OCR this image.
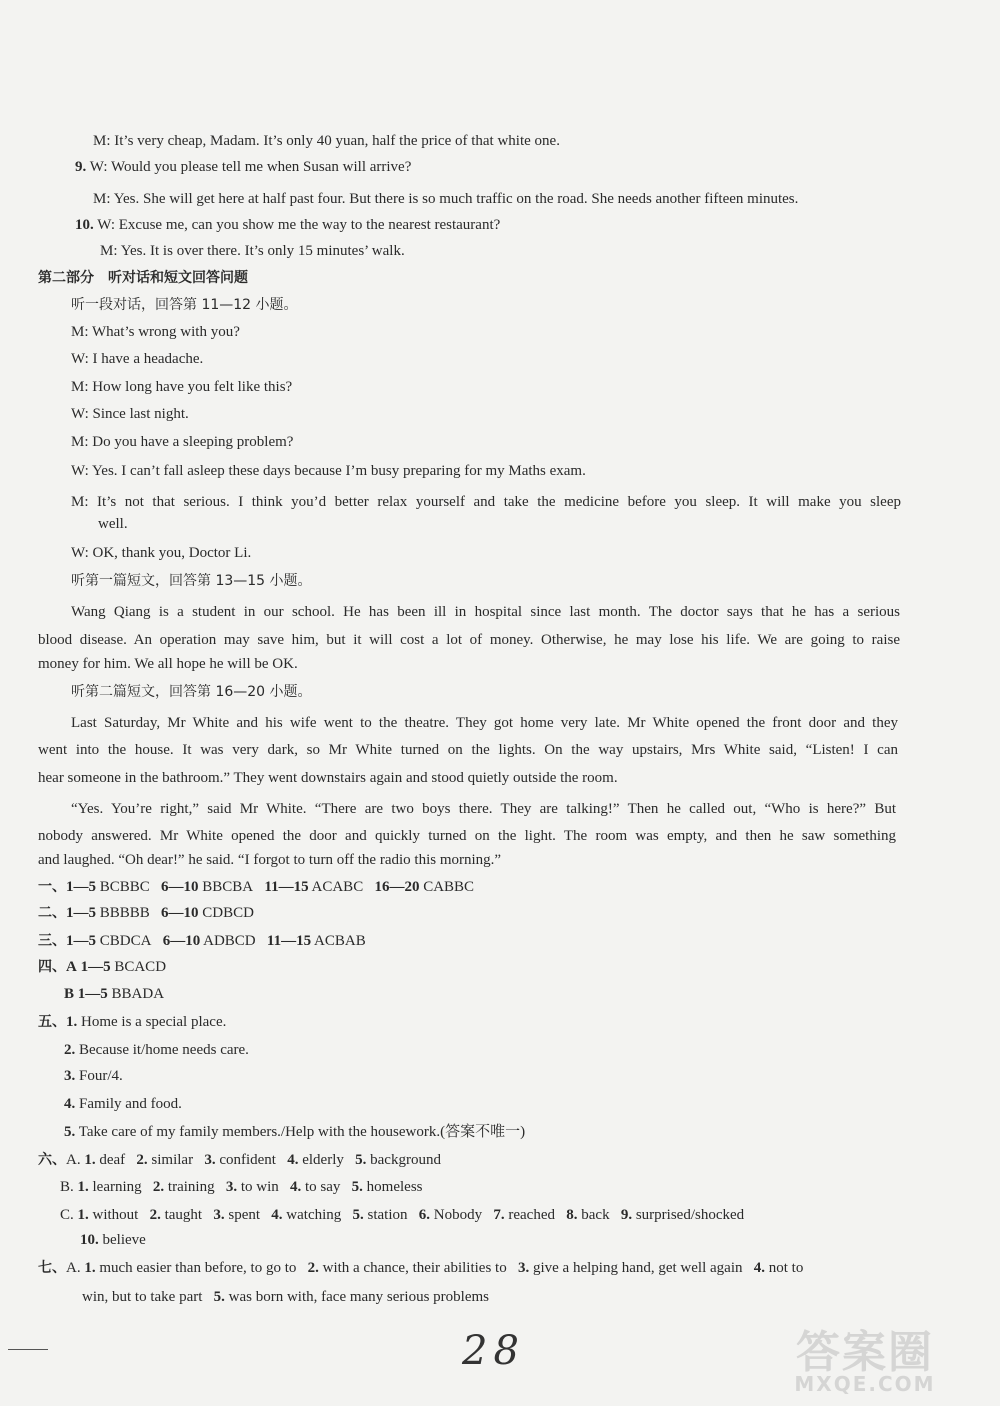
M: It’s very cheap, Madam. It’s only 40 yuan, half the price of that white one.
9. W: Would you please tell me when Susan will arrive?
M: Yes. She will get here at half past four. But there is so much traffic on the road. She needs another fifteen minutes.
10. W: Excuse me, can you show me the way to the nearest restaurant?
M: Yes. It is over there. It’s only 15 minutes’ walk.
第二部分　听对话和短文回答问题
听一段对话，回答第 11—12 小题。
M: What’s wrong with you?
W: I have a headache.
M: How long have you felt like this?
W: Since last night.
M: Do you have a sleeping problem?
W: Yes. I can’t fall asleep these days because I’m busy preparing for my Maths exam.
M: It’s not that serious. I think you’d better relax yourself and take the medicine before you sleep. It will make you sleep
well.
W: OK, thank you, Doctor Li.
听第一篇短文，回答第 13—15 小题。
Wang Qiang is a student in our school. He has been ill in hospital since last month. The doctor says that he has a serious
blood disease. An operation may save him, but it will cost a lot of money. Otherwise, he may lose his life. We are going to raise
money for him. We all hope he will be OK.
听第二篇短文，回答第 16—20 小题。
Last Saturday, Mr White and his wife went to the theatre. They got home very late. Mr White opened the front door and they
went into the house. It was very dark, so Mr White turned on the lights. On the way upstairs, Mrs White said, “Listen! I can
hear someone in the bathroom.” They went downstairs again and stood quietly outside the room.
“Yes. You’re right,” said Mr White. “There are two boys there. They are talking!” Then he called out, “Who is here?” But
nobody answered. Mr White opened the door and quickly turned on the light. The room was empty, and then he saw something
and laughed. “Oh dear!” he said. “I forgot to turn off the radio this morning.”
一、1—5 BCBBC 6—10 BBCBA 11—15 ACABC 16—20 CABBC
二、1—5 BBBBB 6—10 CDBCD
三、1—5 CBDCA 6—10 ADBCD 11—15 ACBAB
四、A 1—5 BCACD
B 1—5 BBADA
五、1. Home is a special place.
2. Because it/home needs care.
3. Four/4.
4. Family and food.
5. Take care of my family members./Help with the housework.(答案不唯一)
六、A. 1. deaf 2. similar 3. confident 4. elderly 5. background
B. 1. learning 2. training 3. to win 4. to say 5. homeless
C. 1. without 2. taught 3. spent 4. watching 5. station 6. Nobody 7. reached 8. back 9. surprised/shocked
10. believe
七、A. 1. much easier than before, to go to 2. with a chance, their abilities to 3. give a helping hand, get well again 4. not to
win, but to take part 5. was born with, face many serious problems
28	答案圈
MXQE.COM
